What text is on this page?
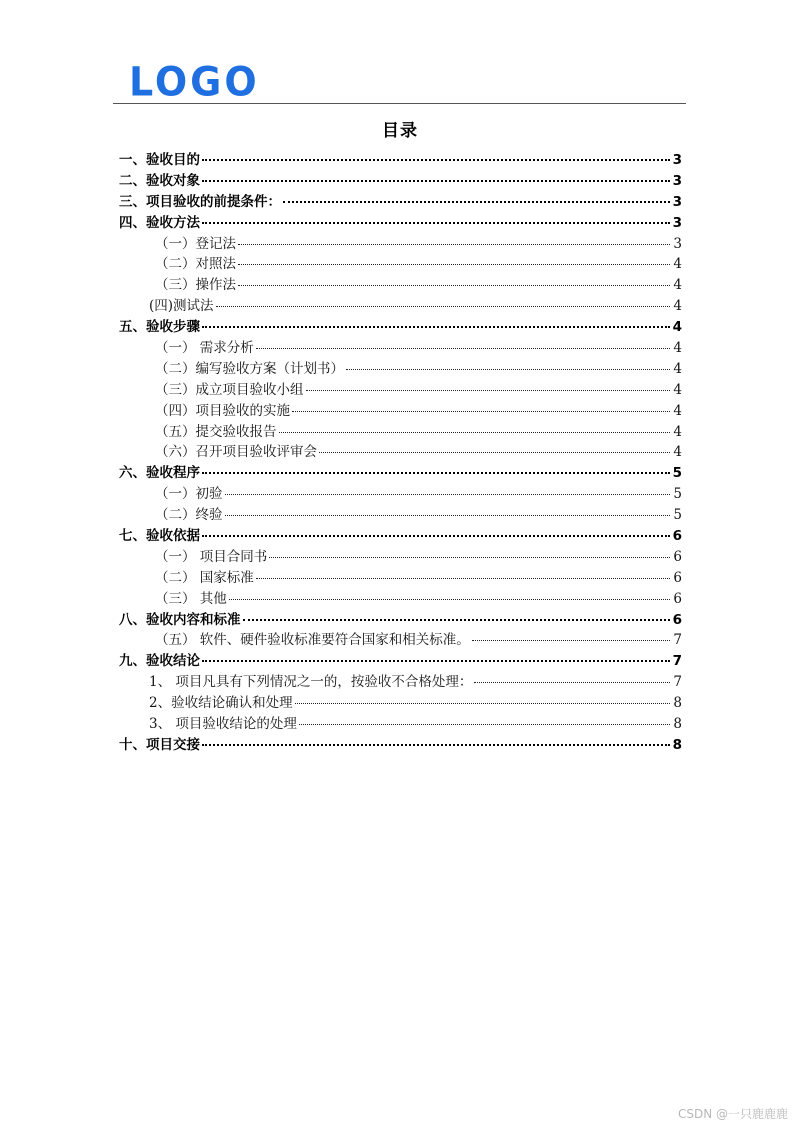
LOGO
目录
一、验收目的	3
二、验收对象	3
三、项目验收的前提条件：	3
四、验收方法	3
（一）登记法	3
（二）对照法	4
（三）操作法	4
(四)测试法	4
五、验收步骤	4
（一） 需求分析	4
（二）编写验收方案（计划书）	4
（三）成立项目验收小组	4
（四）项目验收的实施	4
（五）提交验收报告	4
（六）召开项目验收评审会	4
六、验收程序	5
（一）初验	5
（二）终验	5
七、验收依据	6
（一） 项目合同书	6
（二） 国家标准	6
（三） 其他	6
八、验收内容和标准	6
（五） 软件、硬件验收标准要符合国家和相关标准。	7
九、验收结论	7
1、 项目凡具有下列情况之一的，按验收不合格处理：	7
2、验收结论确认和处理	8
3、 项目验收结论的处理	8
十、项目交接	8
CSDN @一只鹿鹿鹿
